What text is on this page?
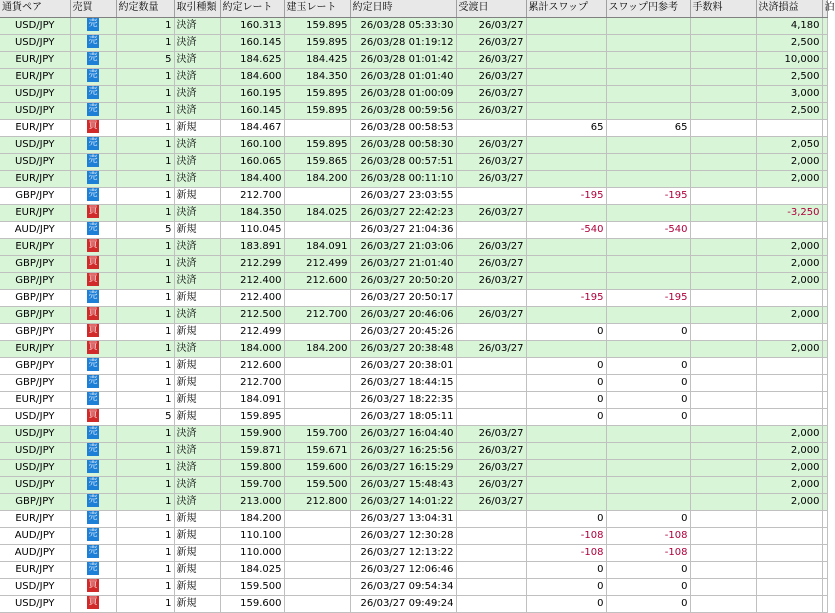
通貨ペア	売買	約定数量	取引種類	約定レート	建玉レート	約定日時	受渡日	累計スワップ	スワップ円参考	手数料	決済損益	泊
USD/JPY	売	1	決済	160.313	159.895	26/03/28 05:33:30	26/03/27				4,180	
USD/JPY	売	1	決済	160.145	159.895	26/03/28 01:19:12	26/03/27				2,500	
EUR/JPY	売	5	決済	184.625	184.425	26/03/28 01:01:42	26/03/27				10,000	
EUR/JPY	売	1	決済	184.600	184.350	26/03/28 01:01:40	26/03/27				2,500	
USD/JPY	売	1	決済	160.195	159.895	26/03/28 01:00:09	26/03/27				3,000	
USD/JPY	売	1	決済	160.145	159.895	26/03/28 00:59:56	26/03/27				2,500	
EUR/JPY	買	1	新規	184.467		26/03/28 00:58:53		65	65			
USD/JPY	売	1	決済	160.100	159.895	26/03/28 00:58:30	26/03/27				2,050	
USD/JPY	売	1	決済	160.065	159.865	26/03/28 00:57:51	26/03/27				2,000	
EUR/JPY	売	1	決済	184.400	184.200	26/03/28 00:11:10	26/03/27				2,000	
GBP/JPY	売	1	新規	212.700		26/03/27 23:03:55		-195	-195			
EUR/JPY	買	1	決済	184.350	184.025	26/03/27 22:42:23	26/03/27				-3,250	
AUD/JPY	売	5	新規	110.045		26/03/27 21:04:36		-540	-540			
EUR/JPY	買	1	決済	183.891	184.091	26/03/27 21:03:06	26/03/27				2,000	
GBP/JPY	買	1	決済	212.299	212.499	26/03/27 21:01:40	26/03/27				2,000	
GBP/JPY	買	1	決済	212.400	212.600	26/03/27 20:50:20	26/03/27				2,000	
GBP/JPY	売	1	新規	212.400		26/03/27 20:50:17		-195	-195			
GBP/JPY	買	1	決済	212.500	212.700	26/03/27 20:46:06	26/03/27				2,000	
GBP/JPY	買	1	新規	212.499		26/03/27 20:45:26		0	0			
EUR/JPY	買	1	決済	184.000	184.200	26/03/27 20:38:48	26/03/27				2,000	
GBP/JPY	売	1	新規	212.600		26/03/27 20:38:01		0	0			
GBP/JPY	売	1	新規	212.700		26/03/27 18:44:15		0	0			
EUR/JPY	売	1	新規	184.091		26/03/27 18:22:35		0	0			
USD/JPY	買	5	新規	159.895		26/03/27 18:05:11		0	0			
USD/JPY	売	1	決済	159.900	159.700	26/03/27 16:04:40	26/03/27				2,000	
USD/JPY	売	1	決済	159.871	159.671	26/03/27 16:25:56	26/03/27				2,000	
USD/JPY	売	1	決済	159.800	159.600	26/03/27 16:15:29	26/03/27				2,000	
USD/JPY	売	1	決済	159.700	159.500	26/03/27 15:48:43	26/03/27				2,000	
GBP/JPY	売	1	決済	213.000	212.800	26/03/27 14:01:22	26/03/27				2,000	
EUR/JPY	売	1	新規	184.200		26/03/27 13:04:31		0	0			
AUD/JPY	売	1	新規	110.100		26/03/27 12:30:28		-108	-108			
AUD/JPY	売	1	新規	110.000		26/03/27 12:13:22		-108	-108			
EUR/JPY	売	1	新規	184.025		26/03/27 12:06:46		0	0			
USD/JPY	買	1	新規	159.500		26/03/27 09:54:34		0	0			
USD/JPY	買	1	新規	159.600		26/03/27 09:49:24		0	0			
